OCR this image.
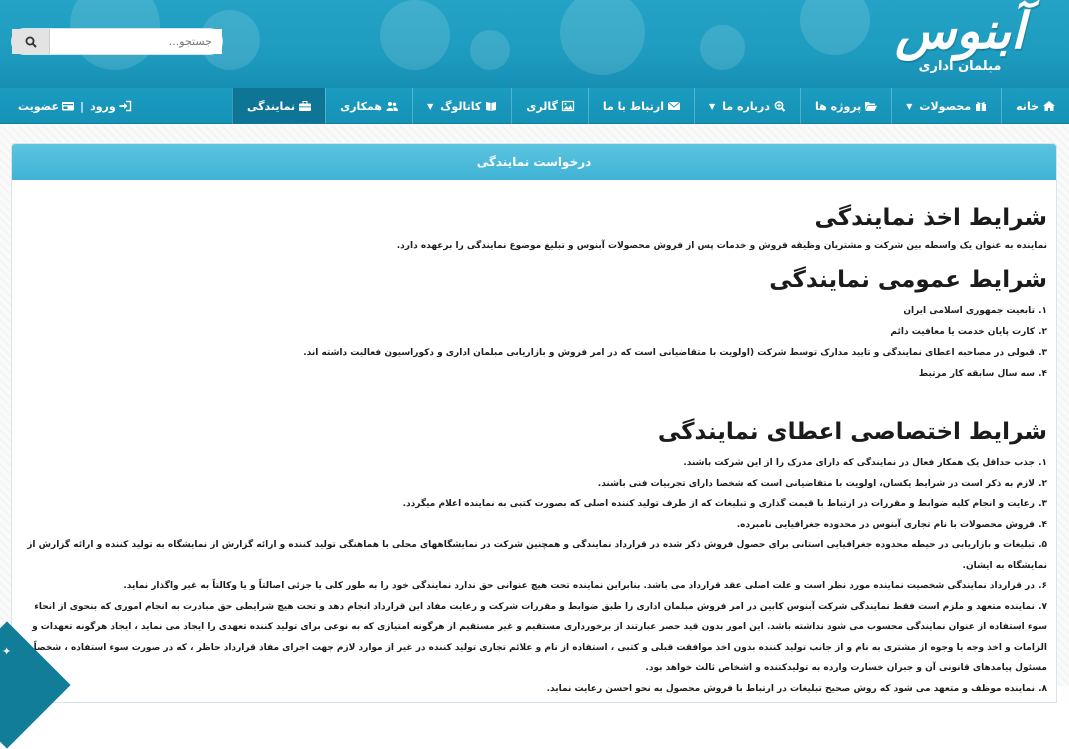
جستجو...
آبنوس
مبلمان اداری
خانه
محصولات
▼
پروژه ها
درباره ما
▼
ارتباط با ما
گالری
کاتالوگ
▼
همکاری
نمایندگی
ورود
|
عضویت
درخواست نمایندگی
شرایط اخذ نمایندگی

نماینده به عنوان یک واسطه بین شرکت و مشتریان وظیفه فروش و خدمات پس از فروش محصولات آبنوس و تبلیغ موضوع نمایندگی را برعهده دارد.

شرایط عمومی نمایندگی
۱. تابعیت جمهوری اسلامی ایران
۲. کارت پایان خدمت یا معافیت دائم
۳. قبولی در مصاحبه اعطای نمایندگی و تایید مدارک توسط شرکت (اولویت با متقاضیانی است که در امر فروش و بازاریابی مبلمان اداری و دکوراسیون فعالیت داشته اند.
۴. سه سال سابقه کار مرتبط
شرایط اختصاصی اعطای نمایندگی
۱. جذب حداقل یک همکار فعال در نمایندگی که دارای مدرک را از این شرکت باشند.
۲. لازم به ذکر است در شرایط یکسان، اولویت با متقاضیانی است که شخصا دارای تجربیات فنی باشند.
۳. رعایت و انجام کلیه ضوابط و مقررات در ارتباط با قیمت گذاری و تبلیغات که از طرف تولید کننده اصلی که بصورت کتبی به نماینده اعلام میگردد.
۴. فروش محصولات با نام تجاری آبنوس در محدوده جغرافیایی نامبرده.
۵. تبلیغات و بازاریابی در حیطه محدوده جغرافیایی استانی برای حصول فروش ذکر شده در قرارداد نمایندگی و همچنین شرکت در نمایشگاههای محلی با هماهنگی تولید کننده و ارائه گزارش از نمایشگاه به تولید کننده و ارائه گزارش از نمایشگاه به ایشان.
۶. در قرارداد نمایندگی شخصیت نماینده مورد نظر است و علت اصلی عقد قرارداد می باشد. بنابراین نماینده تحت هیچ عنوانی حق ندارد نمایندگی خود را به طور کلی یا جزئی اصالتاً و یا وکالتاً به غیر واگذار نماید.
۷. نماینده متعهد و ملزم است فقط نمایندگی شرکت آبنوس کابین در امر فروش مبلمان اداری را طبق ضوابط و مقررات شرکت و رعایت مفاد این قرارداد انجام دهد و تحت هیچ شرایطی حق مبادرت به انجام اموری که بنحوی از انحاء سوء استفاده از عنوان نمایندگی محسوب می شود نداشته باشد. این امور بدون قید حصر عبارتند از برخورداری مستقیم و غیر مستقیم از هرگونه امتیازی که به نوعی برای تولید کننده تعهدی را ایجاد می نماید ، ایجاد هرگونه تعهدات و الزامات و اخذ وجه یا وجوه از مشتری به نام و از جانب تولید کننده بدون اخذ موافقت قبلی و کتبی ، استفاده از نام و علائم تجاری تولید کننده در غیر از موارد لازم جهت اجرای مفاد قرارداد حاظر ، که در صورت سوء استفاده ، شخصاً مسئول پیامدهای قانونی آن و جبران خسارت وارده به تولیدکننده و اشخاص ثالث خواهد بود.
۸. نماینده موظف و متعهد می شود که روش صحیح تبلیغات در ارتباط با فروش محصول به نحو احسن رعایت نماید.
✦
